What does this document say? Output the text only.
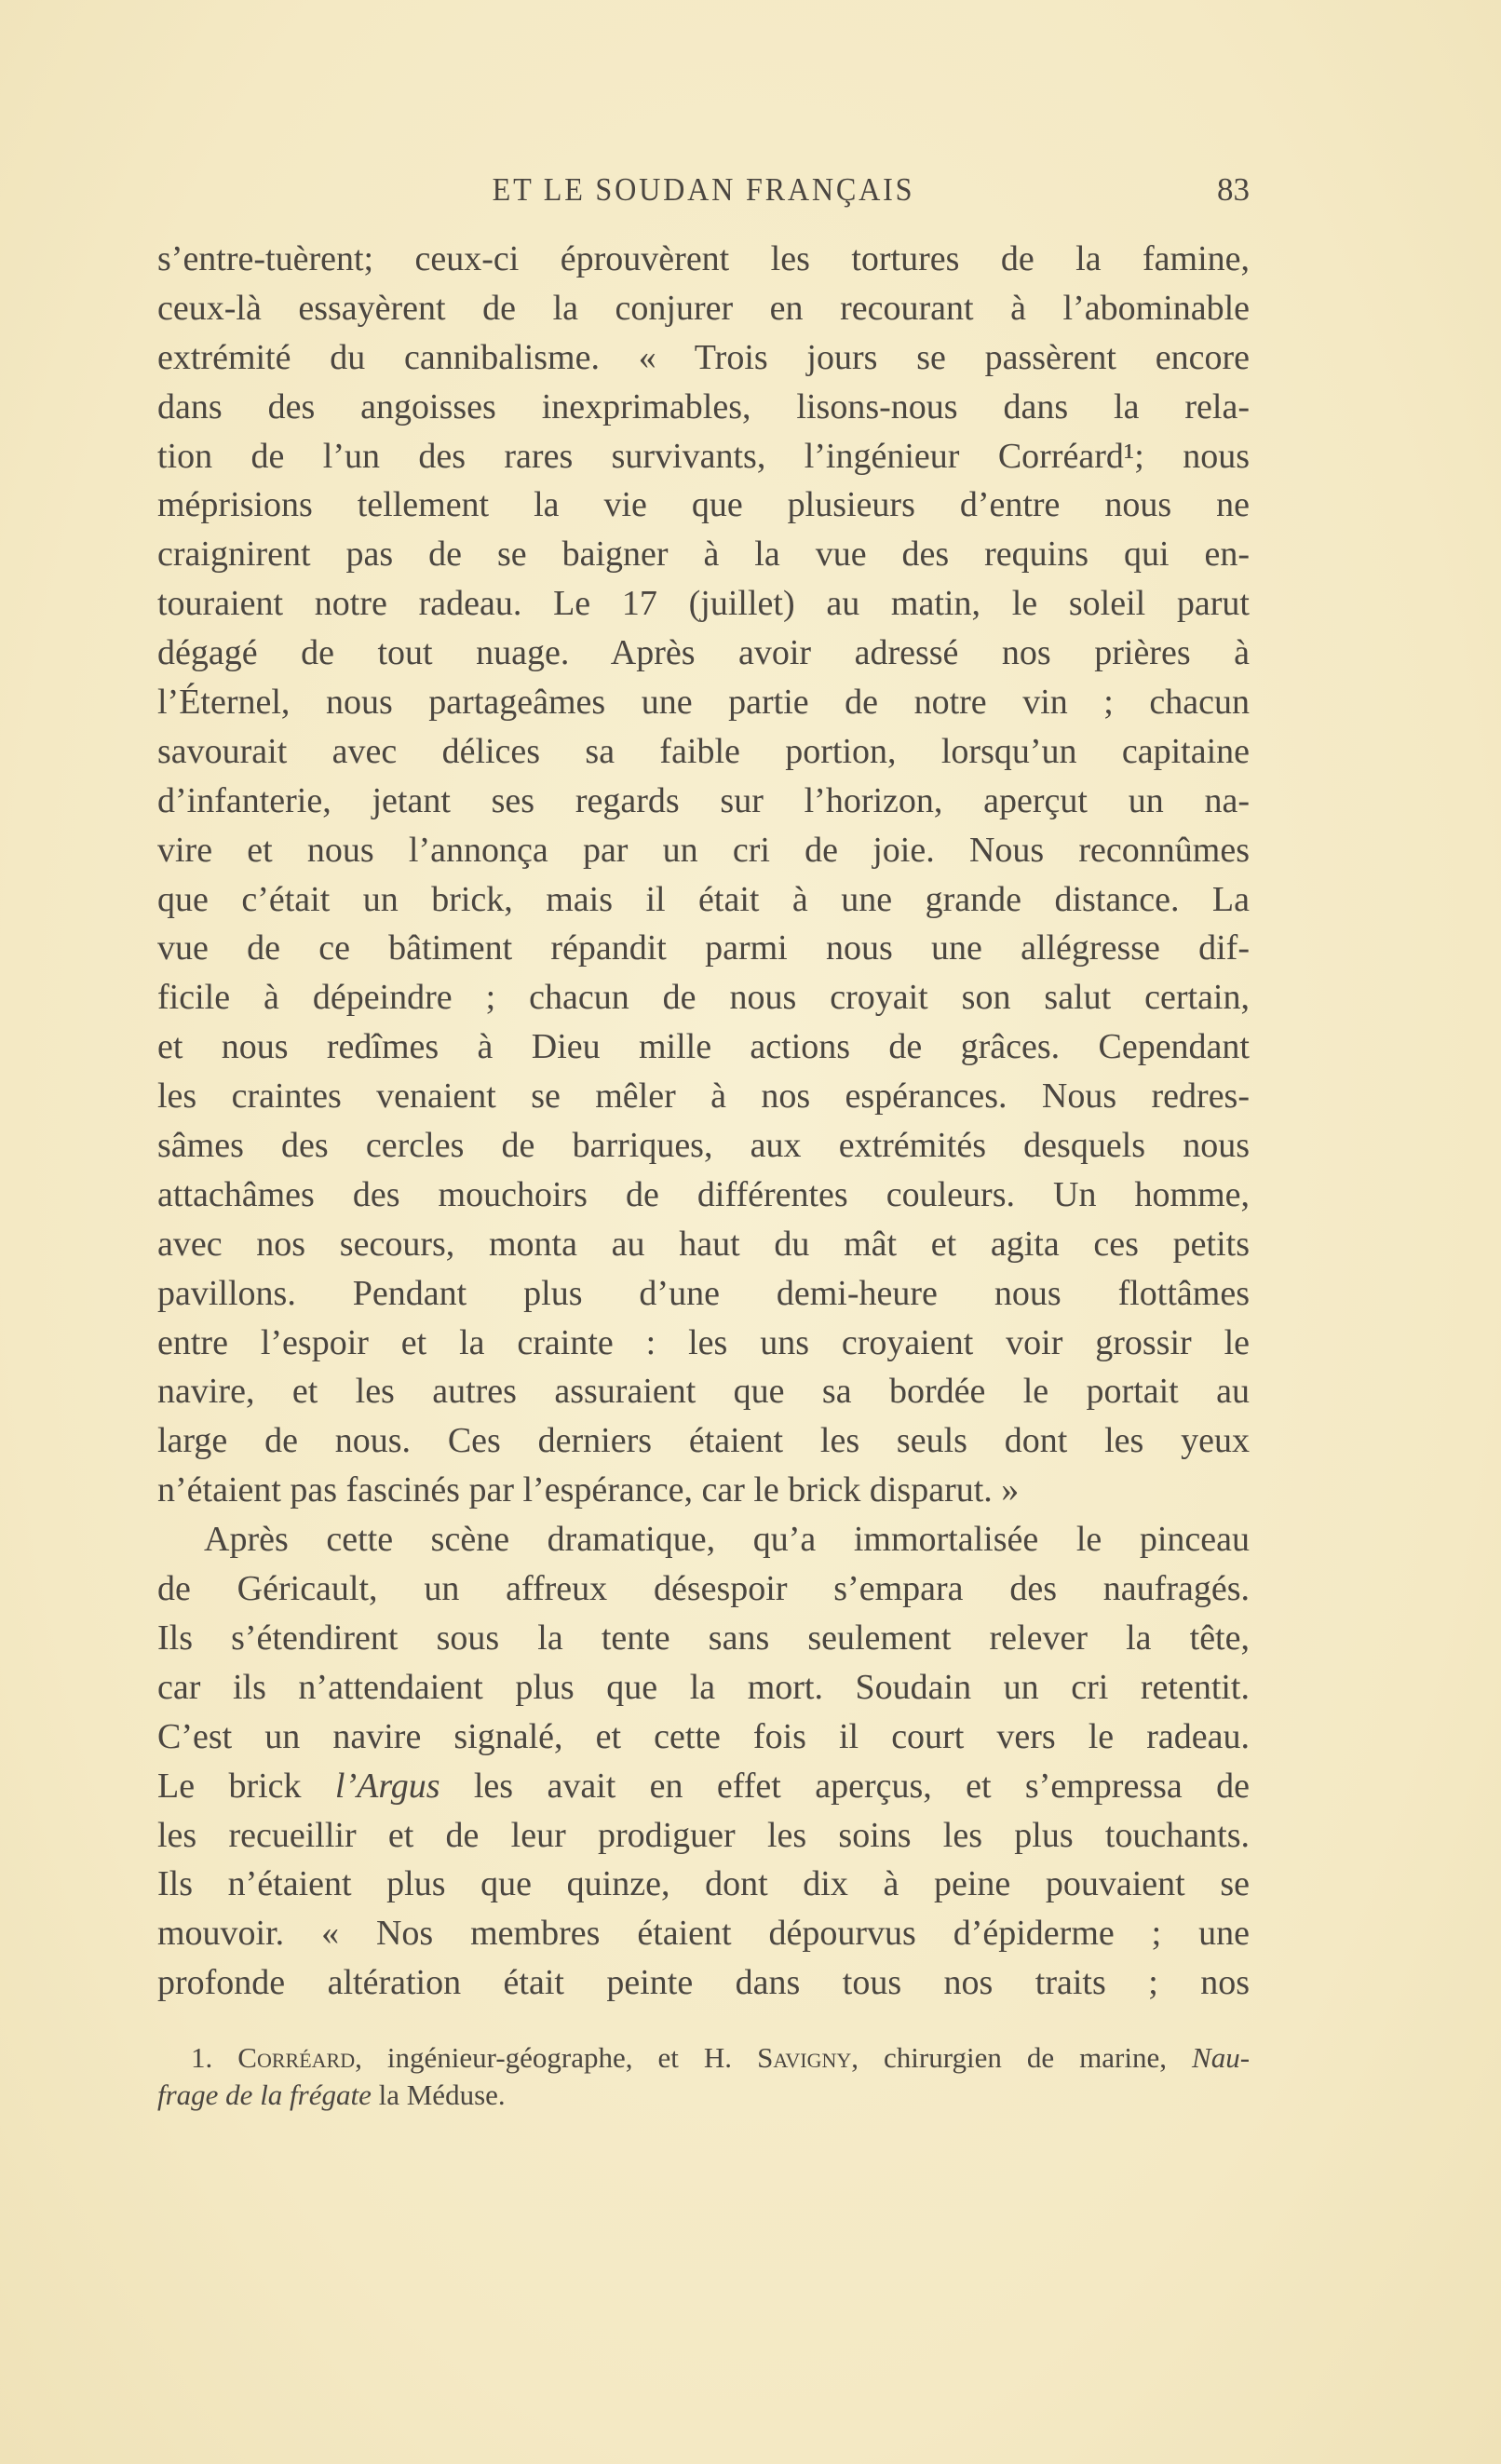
ET LE SOUDAN FRANÇAIS	83
s’entre-tuèrent; ceux-ci éprouvèrent les tortures de la famine,
ceux-là essayèrent de la conjurer en recourant à l’abominable
extrémité du cannibalisme. « Trois jours se passèrent encore
dans des angoisses inexprimables, lisons-nous dans la rela-
tion de l’un des rares survivants, l’ingénieur Corréard¹; nous
méprisions tellement la vie que plusieurs d’entre nous ne
craignirent pas de se baigner à la vue des requins qui en-
touraient notre radeau. Le 17 (juillet) au matin, le soleil parut
dégagé de tout nuage. Après avoir adressé nos prières à
l’Éternel, nous partageâmes une partie de notre vin ; chacun
savourait avec délices sa faible portion, lorsqu’un capitaine
d’infanterie, jetant ses regards sur l’horizon, aperçut un na-
vire et nous l’annonça par un cri de joie. Nous reconnûmes
que c’était un brick, mais il était à une grande distance. La
vue de ce bâtiment répandit parmi nous une allégresse dif-
ficile à dépeindre ; chacun de nous croyait son salut certain,
et nous redîmes à Dieu mille actions de grâces. Cependant
les craintes venaient se mêler à nos espérances. Nous redres-
sâmes des cercles de barriques, aux extrémités desquels nous
attachâmes des mouchoirs de différentes couleurs. Un homme,
avec nos secours, monta au haut du mât et agita ces petits
pavillons. Pendant plus d’une demi-heure nous flottâmes
entre l’espoir et la crainte : les uns croyaient voir grossir le
navire, et les autres assuraient que sa bordée le portait au
large de nous. Ces derniers étaient les seuls dont les yeux
n’étaient pas fascinés par l’espérance, car le brick disparut. »
Après cette scène dramatique, qu’a immortalisée le pinceau
de Géricault, un affreux désespoir s’empara des naufragés.
Ils s’étendirent sous la tente sans seulement relever la tête,
car ils n’attendaient plus que la mort. Soudain un cri retentit.
C’est un navire signalé, et cette fois il court vers le radeau.
Le brick l’Argus les avait en effet aperçus, et s’empressa de
les recueillir et de leur prodiguer les soins les plus touchants.
Ils n’étaient plus que quinze, dont dix à peine pouvaient se
mouvoir. « Nos membres étaient dépourvus d’épiderme ; une
profonde altération était peinte dans tous nos traits ; nos
1. Corréard, ingénieur-géographe, et H. Savigny, chirurgien de marine, Nau-
frage de la frégate la Méduse.
